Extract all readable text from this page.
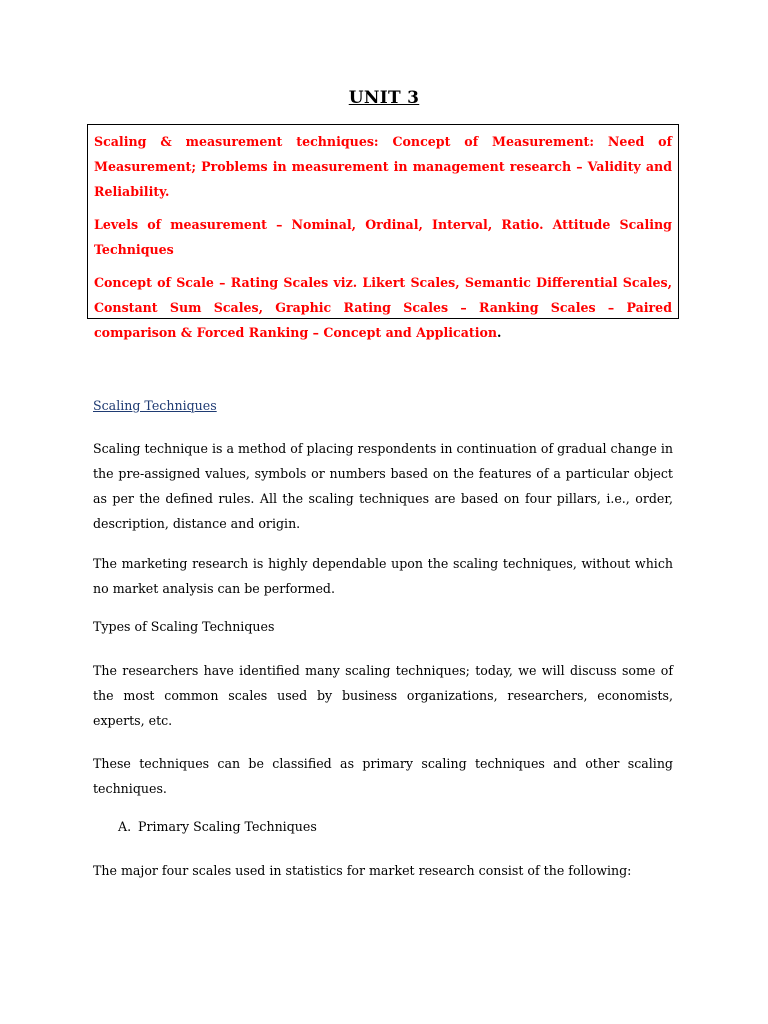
UNIT 3

Scaling & measurement techniques: Concept of Measurement: Need of Measurement; Problems in measurement in management research – Validity and Reliability.

Levels of measurement – Nominal, Ordinal, Interval, Ratio. Attitude Scaling Techniques

Concept of Scale – Rating Scales viz. Likert Scales, Semantic Differential Scales, Constant Sum Scales, Graphic Rating Scales – Ranking Scales – Paired comparison & Forced Ranking – Concept and Application.

Scaling Techniques
Scaling technique is a method of placing respondents in continuation of gradual change in the pre-assigned values, symbols or numbers based on the features of a particular object as per the defined rules. All the scaling techniques are based on four pillars, i.e., order, description, distance and origin.
The marketing research is highly dependable upon the scaling techniques, without which no market analysis can be performed.
Types of Scaling Techniques
The researchers have identified many scaling techniques; today, we will discuss some of the most common scales used by business organizations, researchers, economists, experts, etc.
These techniques can be classified as primary scaling techniques and other scaling techniques.
A. Primary Scaling Techniques
The major four scales used in statistics for market research consist of the following:
